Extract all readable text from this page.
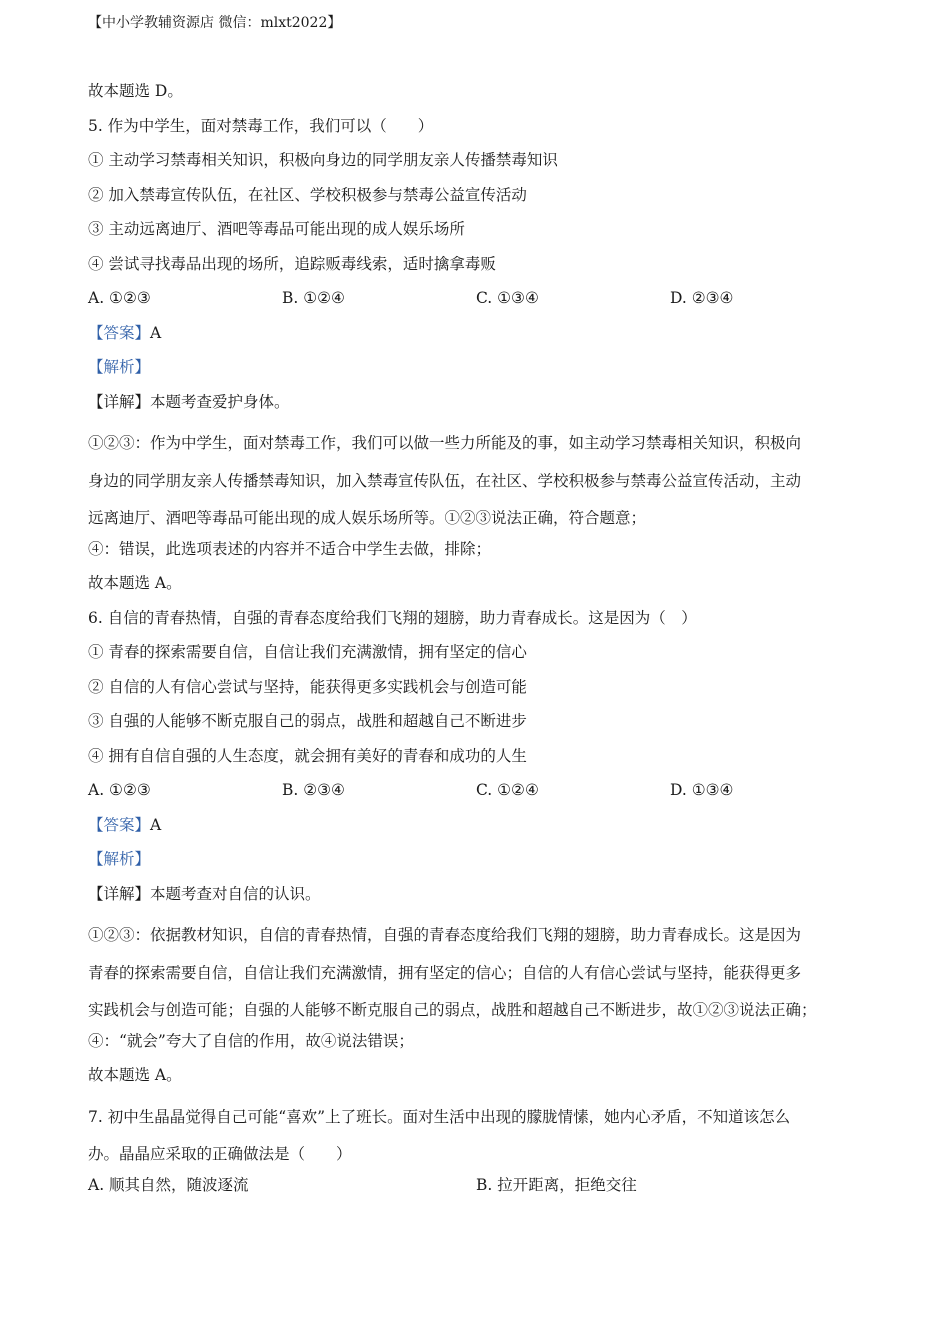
【中小学教辅资源店 微信：mlxt2022】
故本题选 D。
5. 作为中学生，面对禁毒工作，我们可以（　　）
① 主动学习禁毒相关知识，积极向身边的同学朋友亲人传播禁毒知识
② 加入禁毒宣传队伍，在社区、学校积极参与禁毒公益宣传活动
③ 主动远离迪厅、酒吧等毒品可能出现的成人娱乐场所
④ 尝试寻找毒品出现的场所，追踪贩毒线索，适时擒拿毒贩
A. ①②③	B. ①②④	C. ①③④	D. ②③④
【答案】A
【解析】
【详解】本题考查爱护身体。
①②③：作为中学生，面对禁毒工作，我们可以做一些力所能及的事，如主动学习禁毒相关知识，积极向
身边的同学朋友亲人传播禁毒知识，加入禁毒宣传队伍，在社区、学校积极参与禁毒公益宣传活动，主动
远离迪厅、酒吧等毒品可能出现的成人娱乐场所等。①②③说法正确，符合题意；
④：错误，此选项表述的内容并不适合中学生去做，排除；
故本题选 A。
6. 自信的青春热情，自强的青春态度给我们飞翔的翅膀，助力青春成长。这是因为（　）
① 青春的探索需要自信，自信让我们充满激情，拥有坚定的信心
② 自信的人有信心尝试与坚持，能获得更多实践机会与创造可能
③ 自强的人能够不断克服自己的弱点，战胜和超越自己不断进步
④ 拥有自信自强的人生态度，就会拥有美好的青春和成功的人生
A. ①②③	B. ②③④	C. ①②④	D. ①③④
【答案】A
【解析】
【详解】本题考查对自信的认识。
①②③：依据教材知识，自信的青春热情，自强的青春态度给我们飞翔的翅膀，助力青春成长。这是因为
青春的探索需要自信，自信让我们充满激情，拥有坚定的信心；自信的人有信心尝试与坚持，能获得更多
实践机会与创造可能；自强的人能够不断克服自己的弱点，战胜和超越自己不断进步，故①②③说法正确；
④：“就会”夸大了自信的作用，故④说法错误；
故本题选 A。
7. 初中生晶晶觉得自己可能“喜欢”上了班长。面对生活中出现的朦胧情愫，她内心矛盾，不知道该怎么
办。晶晶应采取的正确做法是（　　）
A. 顺其自然，随波逐流	B. 拉开距离，拒绝交往
